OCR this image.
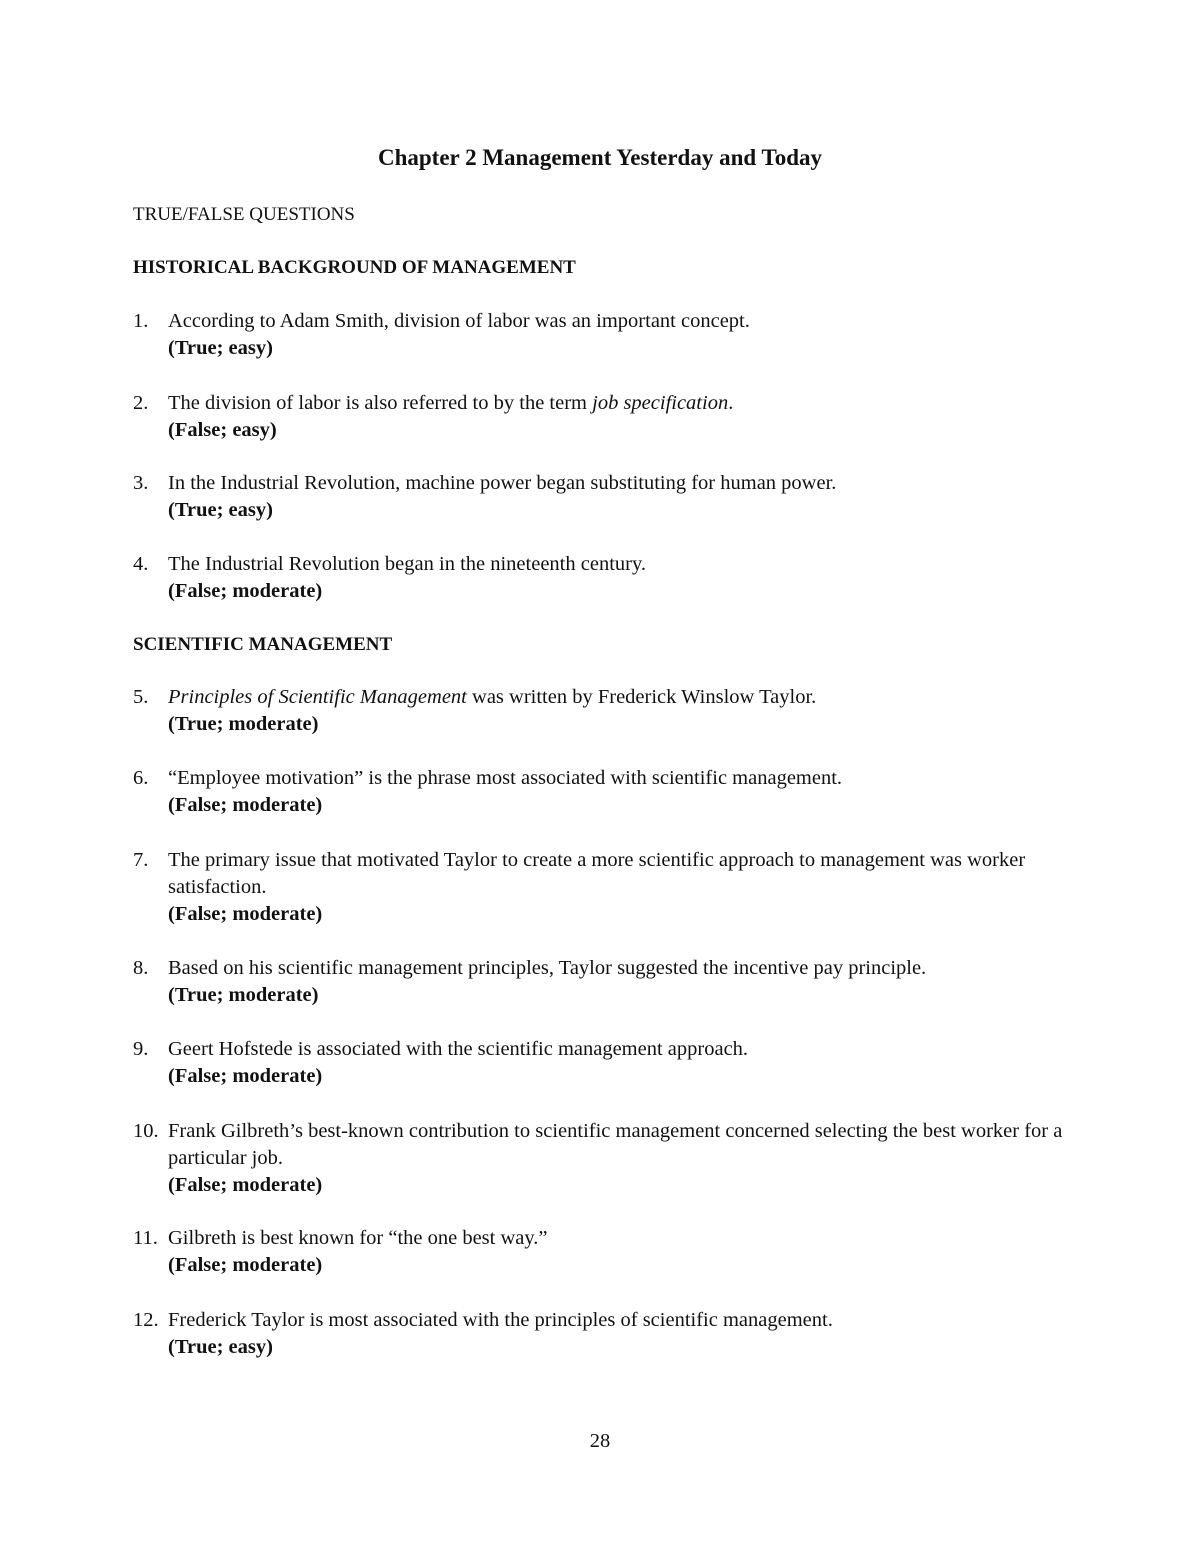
Chapter 2 Management Yesterday and Today
TRUE/FALSE QUESTIONS
HISTORICAL BACKGROUND OF MANAGEMENT
1. According to Adam Smith, division of labor was an important concept.
(True; easy)
2. The division of labor is also referred to by the term job specification.
(False; easy)
3. In the Industrial Revolution, machine power began substituting for human power.
(True; easy)
4. The Industrial Revolution began in the nineteenth century.
(False; moderate)
SCIENTIFIC MANAGEMENT
5. Principles of Scientific Management was written by Frederick Winslow Taylor.
(True; moderate)
6. “Employee motivation” is the phrase most associated with scientific management.
(False; moderate)
7. The primary issue that motivated Taylor to create a more scientific approach to management was worker satisfaction.
(False; moderate)
8. Based on his scientific management principles, Taylor suggested the incentive pay principle.
(True; moderate)
9. Geert Hofstede is associated with the scientific management approach.
(False; moderate)
10. Frank Gilbreth’s best-known contribution to scientific management concerned selecting the best worker for a particular job.
(False; moderate)
11. Gilbreth is best known for “the one best way.”
(False; moderate)
12. Frederick Taylor is most associated with the principles of scientific management.
(True; easy)
28
